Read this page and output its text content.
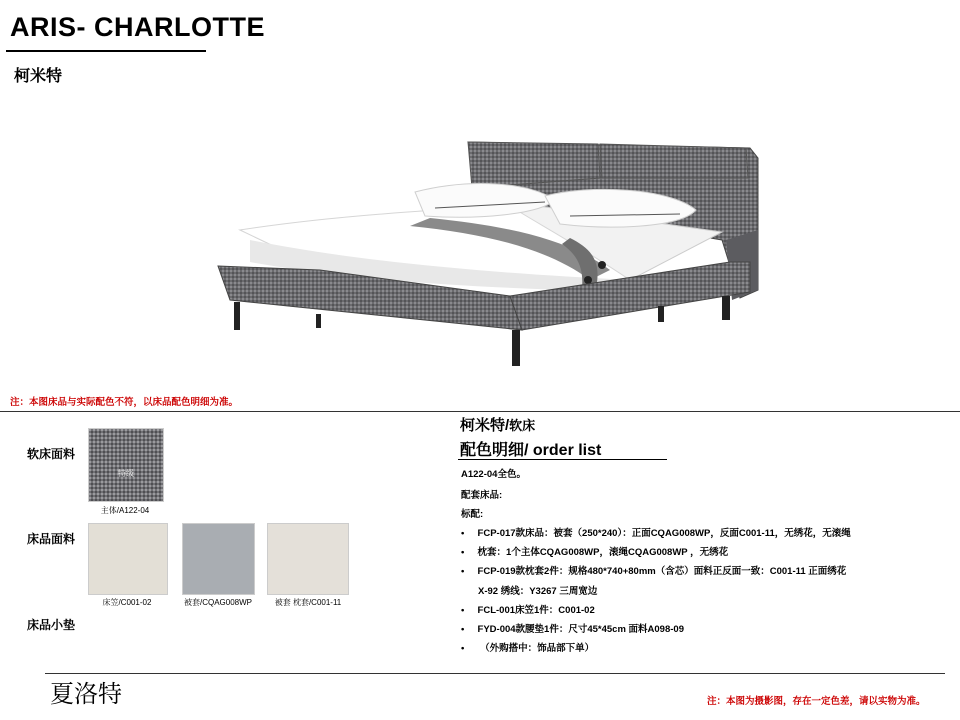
ARIS- CHARLOTTE
柯米特
注：本图床品与实际配色不符，以床品配色明细为准。
软床面料
特级
主体/A122-04
床品面料
床笠/C001-02	被套/CQAG008WP	被套 枕套/C001-11
床品小垫
柯米特/软床
配色明细/ order list
A122-04全色。
配套床品:
标配:
• FCP-017款床品：被套（250*240）：正面CQAG008WP，反面C001-11，无绣花，无滚绳
• 枕套：1个主体CQAG008WP，滚绳CQAG008WP ，无绣花
• FCP-019款枕套2件：规格480*740+80mm（含芯）面料正反面一致：C001-11 正面绣花
X-92 绣线：Y3267 三周宽边
• FCL-001床笠1件：C001-02
• FYD-004款腰垫1件：尺寸45*45cm 面料A098-09
•      （外购搭中：饰品部下单）
夏洛特	注：本图为摄影图，存在一定色差，请以实物为准。
